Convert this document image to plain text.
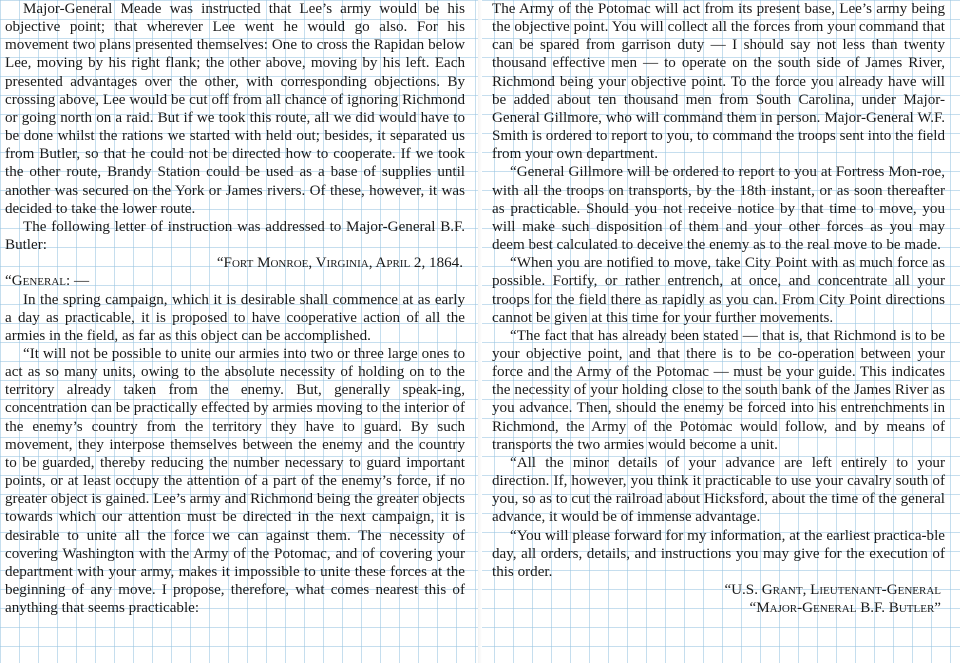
Major-General Meade was instructed that Lee’s army would be his objective point; that wherever Lee went he would go also. For his movement two plans presented themselves: One to cross the Rapidan below Lee, moving by his right flank; the other above, moving by his left. Each presented advantages over the other, with corresponding objections. By crossing above, Lee would be cut off from all chance of ignoring Richmond or going north on a raid. But if we took this route, all we did would have to be done whilst the rations we started with held out; besides, it separated us from Butler, so that he could not be directed how to cooperate. If we took the other route, Brandy Station could be used as a base of supplies until another was secured on the York or James rivers. Of these, however, it was decided to take the lower route.

The following letter of instruction was addressed to Major-General B.F. Butler:

“Fort Monroe, Virginia, April 2, 1864.

“General: —

In the spring campaign, which it is desirable shall commence at as early a day as practicable, it is proposed to have cooperative action of all the armies in the field, as far as this object can be accomplished.

“It will not be possible to unite our armies into two or three large ones to act as so many units, owing to the absolute necessity of holding on to the territory already taken from the enemy. But, generally speak-ing, concentration can be practically effected by armies moving to the interior of the enemy’s country from the territory they have to guard. By such movement, they interpose themselves between the enemy and the country to be guarded, thereby reducing the number necessary to guard important points, or at least occupy the attention of a part of the enemy’s force, if no greater object is gained. Lee’s army and Richmond being the greater objects towards which our attention must be directed in the next campaign, it is desirable to unite all the force we can against them. The necessity of covering Washington with the Army of the Potomac, and of covering your department with your army, makes it impossible to unite these forces at the beginning of any move. I propose, therefore, what comes nearest this of anything that seems practicable:

The Army of the Potomac will act from its present base, Lee’s army being the objective point. You will collect all the forces from your command that can be spared from garrison duty — I should say not less than twenty thousand effective men — to operate on the south side of James River, Richmond being your objective point. To the force you already have will be added about ten thousand men from South Carolina, under Major-General Gillmore, who will command them in person. Major-General W.F. Smith is ordered to report to you, to command the troops sent into the field from your own department.

“General Gillmore will be ordered to report to you at Fortress Mon-roe, with all the troops on transports, by the 18th instant, or as soon thereafter as practicable. Should you not receive notice by that time to move, you will make such disposition of them and your other forces as you may deem best calculated to deceive the enemy as to the real move to be made.

“When you are notified to move, take City Point with as much force as possible. Fortify, or rather entrench, at once, and concentrate all your troops for the field there as rapidly as you can. From City Point directions cannot be given at this time for your further movements.

“The fact that has already been stated — that is, that Richmond is to be your objective point, and that there is to be co-operation between your force and the Army of the Potomac — must be your guide. This indicates the necessity of your holding close to the south bank of the James River as you advance. Then, should the enemy be forced into his entrenchments in Richmond, the Army of the Potomac would follow, and by means of transports the two armies would become a unit.

“All the minor details of your advance are left entirely to your direction. If, however, you think it practicable to use your cavalry south of you, so as to cut the railroad about Hicksford, about the time of the general advance, it would be of immense advantage.

“You will please forward for my information, at the earliest practica-ble day, all orders, details, and instructions you may give for the execution of this order.

“U.S. Grant, Lieutenant-General

“Major-General B.F. Butler”
